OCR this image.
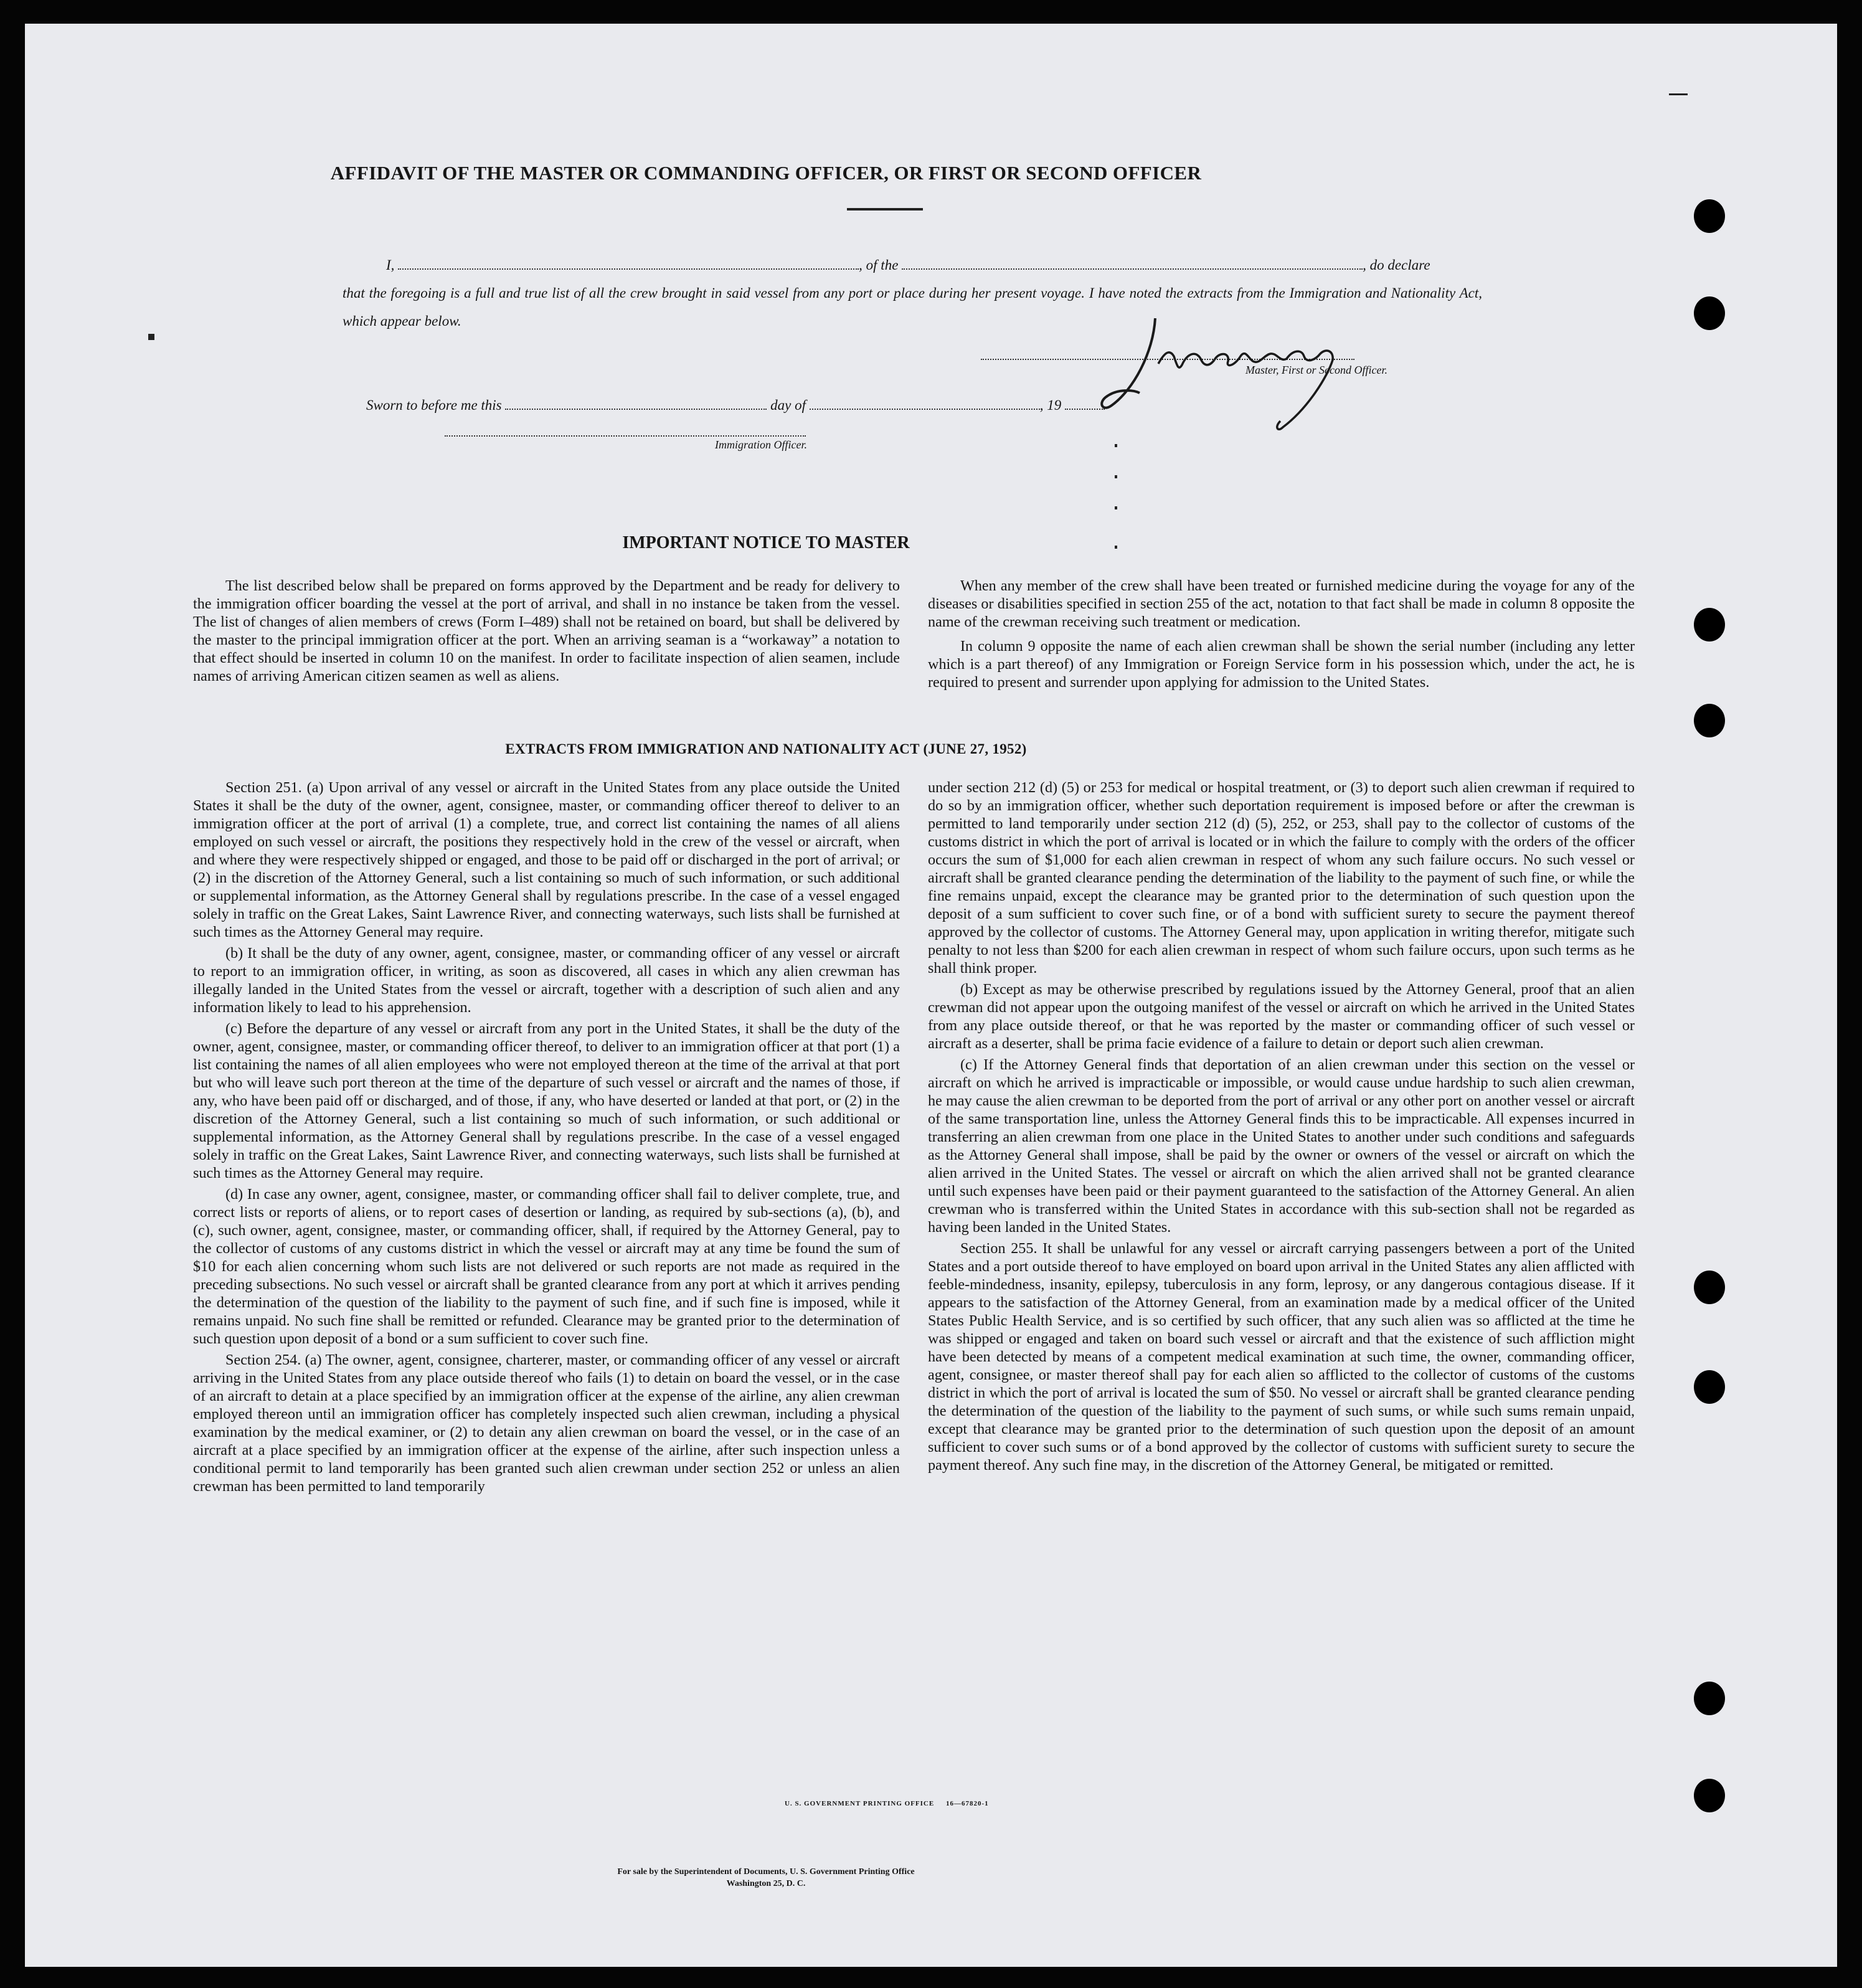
AFFIDAVIT OF THE MASTER OR COMMANDING OFFICER, OR FIRST OR SECOND OFFICER
I,	, of the	, do declare
that the foregoing is a full and true list of all the crew brought in said vessel from any port or place during her present voyage. I have noted the extracts from the Immigration and Nationality Act, which appear below.
Sworn to before me this	day of	, 19
Master, First or Second Officer.
Immigration Officer.
IMPORTANT NOTICE TO MASTER

The list described below shall be prepared on forms approved by the Department and be ready for delivery to the immigration officer boarding the vessel at the port of arrival, and shall in no instance be taken from the vessel. The list of changes of alien members of crews (Form I–489) shall not be retained on board, but shall be delivered by the master to the principal immigration officer at the port. When an arriving seaman is a “workaway” a notation to that effect should be inserted in column 10 on the manifest. In order to facilitate inspection of alien seamen, include names of arriving American citizen seamen as well as aliens.

When any member of the crew shall have been treated or furnished medicine during the voyage for any of the diseases or disabilities specified in section 255 of the act, notation to that fact shall be made in column 8 opposite the name of the crewman receiving such treatment or medication.

In column 9 opposite the name of each alien crewman shall be shown the serial number (including any letter which is a part thereof) of any Immigration or Foreign Service form in his possession which, under the act, he is required to present and surrender upon applying for admission to the United States.

EXTRACTS FROM IMMIGRATION AND NATIONALITY ACT (JUNE 27, 1952)

Section 251. (a) Upon arrival of any vessel or aircraft in the United States from any place outside the United States it shall be the duty of the owner, agent, consignee, master, or commanding officer thereof to deliver to an immigration officer at the port of arrival (1) a complete, true, and correct list containing the names of all aliens employed on such vessel or aircraft, the positions they respectively hold in the crew of the vessel or aircraft, when and where they were respectively shipped or engaged, and those to be paid off or discharged in the port of arrival; or (2) in the discretion of the Attorney General, such a list containing so much of such information, or such additional or supplemental information, as the Attorney General shall by regulations prescribe. In the case of a vessel engaged solely in traffic on the Great Lakes, Saint Lawrence River, and connecting waterways, such lists shall be furnished at such times as the Attorney General may require.

(b) It shall be the duty of any owner, agent, consignee, master, or commanding officer of any vessel or aircraft to report to an immigration officer, in writing, as soon as discovered, all cases in which any alien crewman has illegally landed in the United States from the vessel or aircraft, together with a description of such alien and any information likely to lead to his apprehension.

(c) Before the departure of any vessel or aircraft from any port in the United States, it shall be the duty of the owner, agent, consignee, master, or commanding officer thereof, to deliver to an immigration officer at that port (1) a list containing the names of all alien employees who were not employed thereon at the time of the arrival at that port but who will leave such port thereon at the time of the departure of such vessel or aircraft and the names of those, if any, who have been paid off or discharged, and of those, if any, who have deserted or landed at that port, or (2) in the discretion of the Attorney General, such a list containing so much of such information, or such additional or supplemental information, as the Attorney General shall by regulations prescribe. In the case of a vessel engaged solely in traffic on the Great Lakes, Saint Lawrence River, and connecting waterways, such lists shall be furnished at such times as the Attorney General may require.

(d) In case any owner, agent, consignee, master, or commanding officer shall fail to deliver complete, true, and correct lists or reports of aliens, or to report cases of desertion or landing, as required by sub-sections (a), (b), and (c), such owner, agent, consignee, master, or commanding officer, shall, if required by the Attorney General, pay to the collector of customs of any customs district in which the vessel or aircraft may at any time be found the sum of $10 for each alien concerning whom such lists are not delivered or such reports are not made as required in the preceding subsections. No such vessel or aircraft shall be granted clearance from any port at which it arrives pending the determination of the question of the liability to the payment of such fine, and if such fine is imposed, while it remains unpaid. No such fine shall be remitted or refunded. Clearance may be granted prior to the determination of such question upon deposit of a bond or a sum sufficient to cover such fine.

Section 254. (a) The owner, agent, consignee, charterer, master, or commanding officer of any vessel or aircraft arriving in the United States from any place outside thereof who fails (1) to detain on board the vessel, or in the case of an aircraft to detain at a place specified by an immigration officer at the expense of the airline, any alien crewman employed thereon until an immigration officer has completely inspected such alien crewman, including a physical examination by the medical examiner, or (2) to detain any alien crewman on board the vessel, or in the case of an aircraft at a place specified by an immigration officer at the expense of the airline, after such inspection unless a conditional permit to land temporarily has been granted such alien crewman under section 252 or unless an alien crewman has been permitted to land temporarily

under section 212 (d) (5) or 253 for medical or hospital treatment, or (3) to deport such alien crewman if required to do so by an immigration officer, whether such deportation requirement is imposed before or after the crewman is permitted to land temporarily under section 212 (d) (5), 252, or 253, shall pay to the collector of customs of the customs district in which the port of arrival is located or in which the failure to comply with the orders of the officer occurs the sum of $1,000 for each alien crewman in respect of whom any such failure occurs. No such vessel or aircraft shall be granted clearance pending the determination of the liability to the payment of such fine, or while the fine remains unpaid, except the clearance may be granted prior to the determination of such question upon the deposit of a sum sufficient to cover such fine, or of a bond with sufficient surety to secure the payment thereof approved by the collector of customs. The Attorney General may, upon application in writing therefor, mitigate such penalty to not less than $200 for each alien crewman in respect of whom such failure occurs, upon such terms as he shall think proper.

(b) Except as may be otherwise prescribed by regulations issued by the Attorney General, proof that an alien crewman did not appear upon the outgoing manifest of the vessel or aircraft on which he arrived in the United States from any place outside thereof, or that he was reported by the master or commanding officer of such vessel or aircraft as a deserter, shall be prima facie evidence of a failure to detain or deport such alien crewman.

(c) If the Attorney General finds that deportation of an alien crewman under this section on the vessel or aircraft on which he arrived is impracticable or impossible, or would cause undue hardship to such alien crewman, he may cause the alien crewman to be deported from the port of arrival or any other port on another vessel or aircraft of the same transportation line, unless the Attorney General finds this to be impracticable. All expenses incurred in transferring an alien crewman from one place in the United States to another under such conditions and safeguards as the Attorney General shall impose, shall be paid by the owner or owners of the vessel or aircraft on which the alien arrived in the United States. The vessel or aircraft on which the alien arrived shall not be granted clearance until such expenses have been paid or their payment guaranteed to the satisfaction of the Attorney General. An alien crewman who is transferred within the United States in accordance with this sub-section shall not be regarded as having been landed in the United States.

Section 255. It shall be unlawful for any vessel or aircraft carrying passengers between a port of the United States and a port outside thereof to have employed on board upon arrival in the United States any alien afflicted with feeble-mindedness, insanity, epilepsy, tuberculosis in any form, leprosy, or any dangerous contagious disease. If it appears to the satisfaction of the Attorney General, from an examination made by a medical officer of the United States Public Health Service, and is so certified by such officer, that any such alien was so afflicted at the time he was shipped or engaged and taken on board such vessel or aircraft and that the existence of such affliction might have been detected by means of a competent medical examination at such time, the owner, commanding officer, agent, consignee, or master thereof shall pay for each alien so afflicted to the collector of customs of the customs district in which the port of arrival is located the sum of $50. No vessel or aircraft shall be granted clearance pending the determination of the question of the liability to the payment of such sums, or while such sums remain unpaid, except that clearance may be granted prior to the determination of such question upon the deposit of an amount sufficient to cover such sums or of a bond approved by the collector of customs with sufficient surety to secure the payment thereof. Any such fine may, in the discretion of the Attorney General, be mitigated or remitted.

U. S. GOVERNMENT PRINTING OFFICE     16—67820-1
For sale by the Superintendent of Documents, U. S. Government Printing Office
Washington 25, D. C.
